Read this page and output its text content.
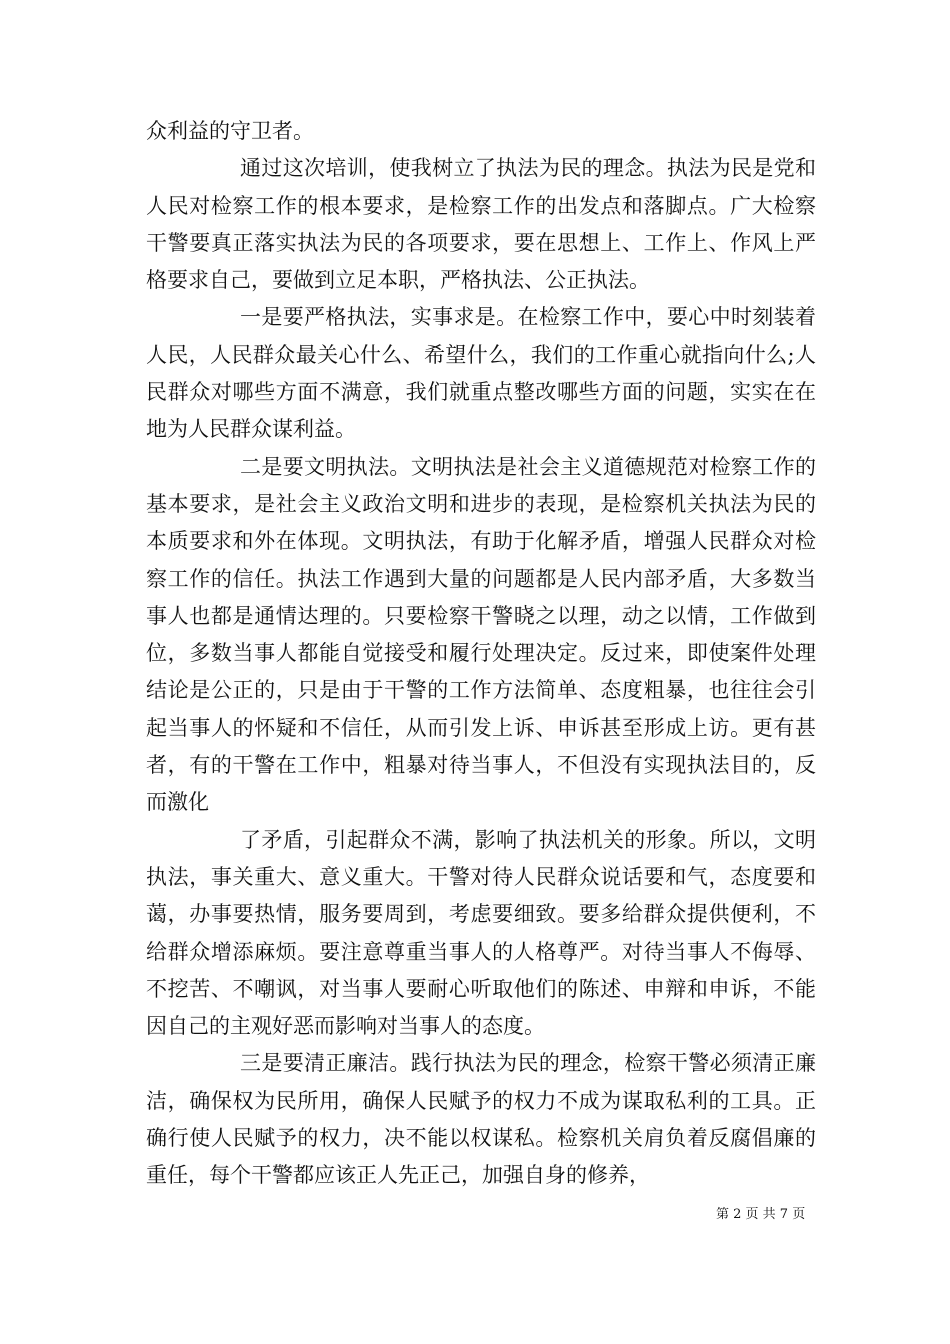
众利益的守卫者。

通过这次培训，使我树立了执法为民的理念。执法为民是党和人民对检察工作的根本要求，是检察工作的出发点和落脚点。广大检察干警要真正落实执法为民的各项要求，要在思想上、工作上、作风上严格要求自己，要做到立足本职，严格执法、公正执法。

一是要严格执法，实事求是。在检察工作中，要心中时刻装着人民，人民群众最关心什么、希望什么，我们的工作重心就指向什么;人民群众对哪些方面不满意，我们就重点整改哪些方面的问题，实实在在地为人民群众谋利益。

二是要文明执法。文明执法是社会主义道德规范对检察工作的基本要求，是社会主义政治文明和进步的表现，是检察机关执法为民的本质要求和外在体现。文明执法，有助于化解矛盾，增强人民群众对检察工作的信任。执法工作遇到大量的问题都是人民内部矛盾，大多数当事人也都是通情达理的。只要检察干警晓之以理，动之以情，工作做到位，多数当事人都能自觉接受和履行处理决定。反过来，即使案件处理结论是公正的，只是由于干警的工作方法简单、态度粗暴，也往往会引起当事人的怀疑和不信任，从而引发上诉、申诉甚至形成上访。更有甚者，有的干警在工作中，粗暴对待当事人，不但没有实现执法目的，反而激化

了矛盾，引起群众不满，影响了执法机关的形象。所以，文明执法，事关重大、意义重大。干警对待人民群众说话要和气，态度要和蔼，办事要热情，服务要周到，考虑要细致。要多给群众提供便利，不给群众增添麻烦。要注意尊重当事人的人格尊严。对待当事人不侮辱、不挖苦、不嘲讽，对当事人要耐心听取他们的陈述、申辩和申诉，不能因自己的主观好恶而影响对当事人的态度。

三是要清正廉洁。践行执法为民的理念，检察干警必须清正廉洁，确保权为民所用，确保人民赋予的权力不成为谋取私利的工具。正确行使人民赋予的权力，决不能以权谋私。检察机关肩负着反腐倡廉的重任，每个干警都应该正人先正己，加强自身的修养，

第 2 页 共 7 页
